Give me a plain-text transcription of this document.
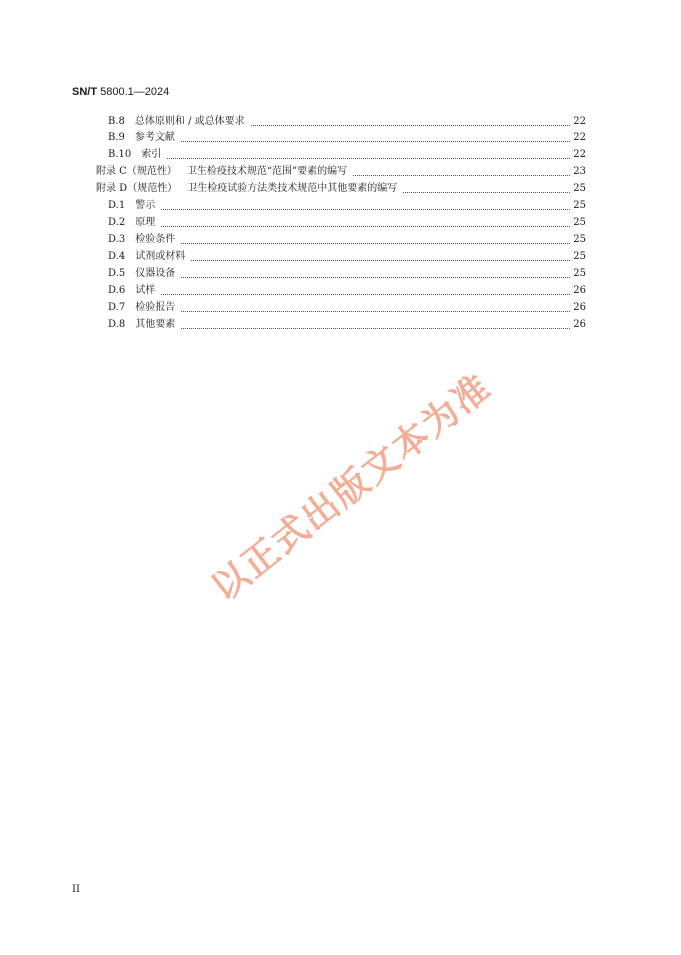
SN/T 5800.1—2024
B.8 总体原则和 / 或总体要求	22
B.9 参考文献	22
B.10 索引	22
附录 C（规范性） 卫生检疫技术规范“范围”要素的编写	23
附录 D（规范性） 卫生检疫试验方法类技术规范中其他要素的编写	25
D.1 警示	25
D.2 原理	25
D.3 检验条件	25
D.4 试剂或材料	25
D.5 仪器设备	25
D.6 试样	26
D.7 检验报告	26
D.8 其他要素	26
以正式出版文本为准
II
